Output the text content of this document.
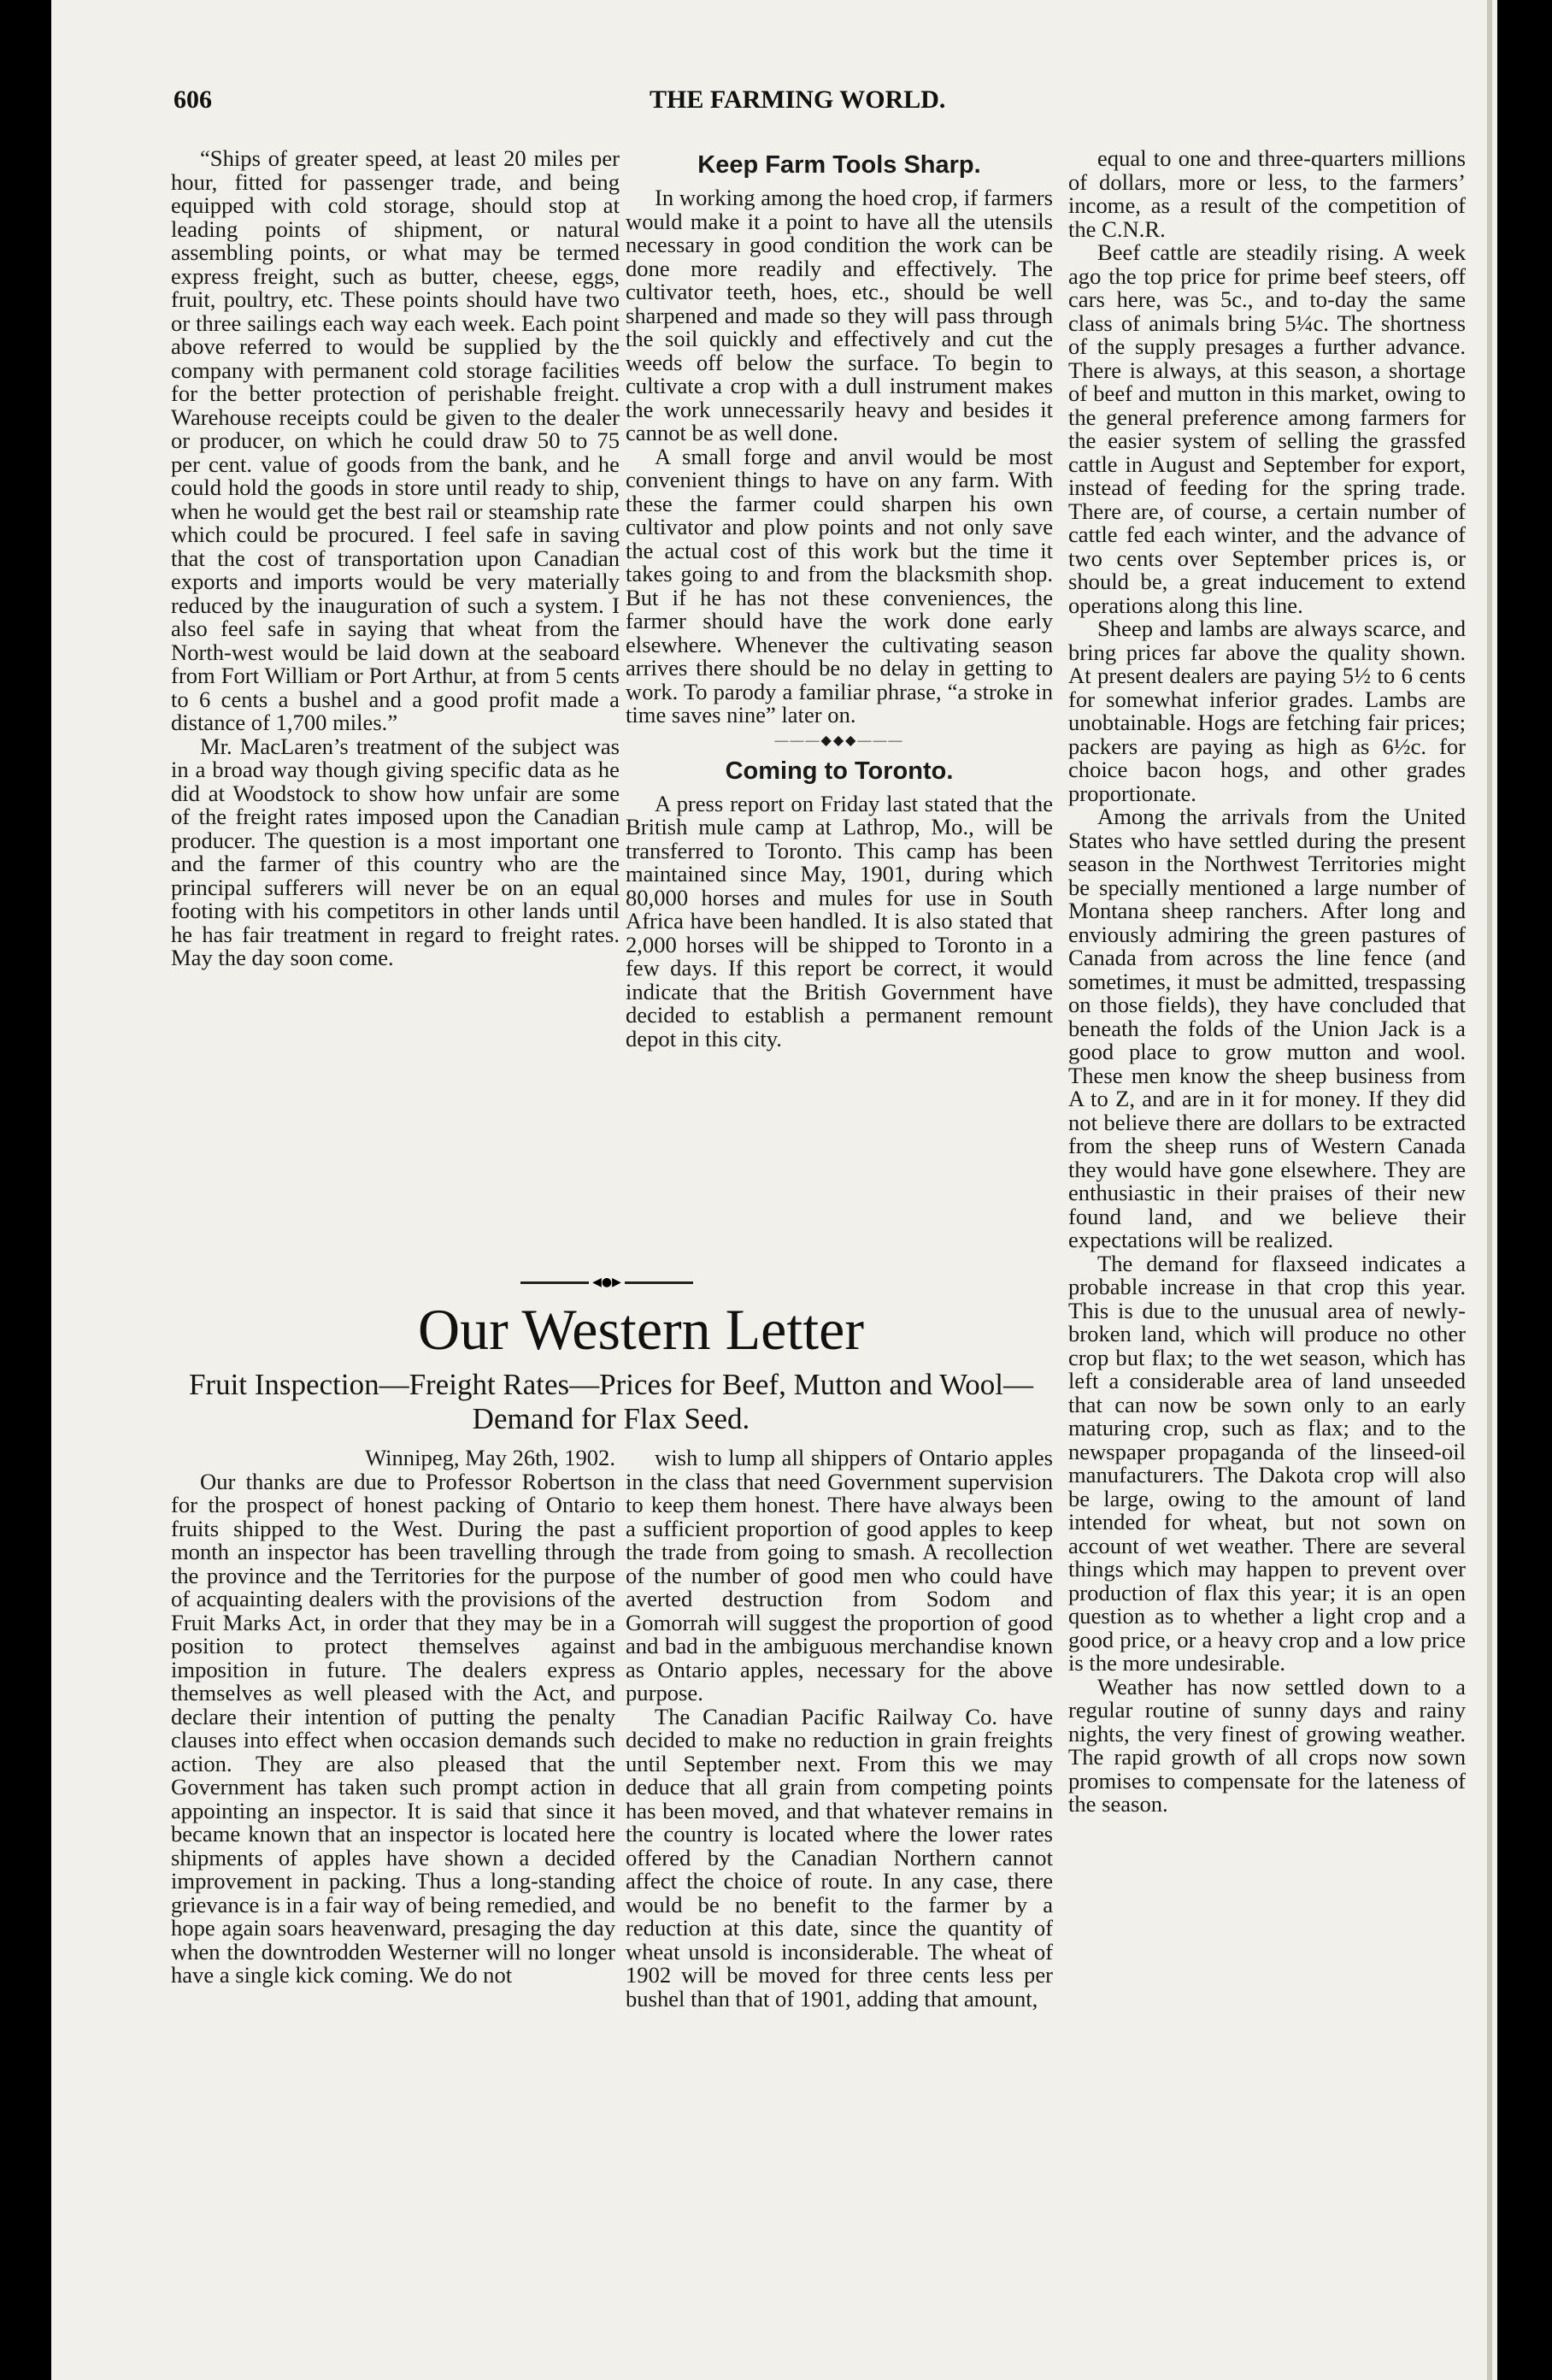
606	THE FARMING WORLD.

“Ships of greater speed, at least 20 miles per hour, fitted for passenger trade, and being equipped with cold storage, should stop at leading points of shipment, or natural assembling points, or what may be termed express freight, such as butter, cheese, eggs, fruit, poultry, etc. These points should have two or three sailings each way each week. Each point above referred to would be supplied by the company with permanent cold storage facilities for the better protection of perishable freight. Warehouse receipts could be given to the dealer or producer, on which he could draw 50 to 75 per cent. value of goods from the bank, and he could hold the goods in store until ready to ship, when he would get the best rail or steamship rate which could be procured. I feel safe in saving that the cost of transportation upon Canadian exports and imports would be very materially reduced by the inauguration of such a system. I also feel safe in saying that wheat from the North-west would be laid down at the seaboard from Fort William or Port Arthur, at from 5 cents to 6 cents a bushel and a good profit made a distance of 1,700 miles.”

Mr. MacLaren’s treatment of the subject was in a broad way though giving specific data as he did at Woodstock to show how unfair are some of the freight rates imposed upon the Canadian producer. The question is a most important one and the farmer of this country who are the principal sufferers will never be on an equal footing with his competitors in other lands until he has fair treatment in regard to freight rates. May the day soon come.

Keep Farm Tools Sharp.

In working among the hoed crop, if farmers would make it a point to have all the utensils necessary in good condition the work can be done more readily and effectively. The cultivator teeth, hoes, etc., should be well sharpened and made so they will pass through the soil quickly and effectively and cut the weeds off below the surface. To begin to cultivate a crop with a dull instrument makes the work unnecessarily heavy and besides it cannot be as well done.

A small forge and anvil would be most convenient things to have on any farm. With these the farmer could sharpen his own cultivator and plow points and not only save the actual cost of this work but the time it takes going to and from the blacksmith shop. But if he has not these conveniences, the farmer should have the work done early elsewhere. Whenever the cultivating season arrives there should be no delay in getting to work. To parody a familiar phrase, “a stroke in time saves nine” later on.

———◆◆◆———
Coming to Toronto.

A press report on Friday last stated that the British mule camp at Lathrop, Mo., will be transferred to Toronto. This camp has been maintained since May, 1901, during which 80,000 horses and mules for use in South Africa have been handled. It is also stated that 2,000 horses will be shipped to Toronto in a few days. If this report be correct, it would indicate that the British Government have decided to establish a permanent remount depot in this city.

◀●▶
Our Western Letter
Fruit Inspection—Freight Rates—Prices for Beef, Mutton and Wool—Demand for Flax Seed.
Winnipeg, May 26th, 1902.

Our thanks are due to Professor Robertson for the prospect of honest packing of Ontario fruits shipped to the West. During the past month an inspector has been travelling through the province and the Territories for the purpose of acquainting dealers with the provisions of the Fruit Marks Act, in order that they may be in a position to protect themselves against imposition in future. The dealers express themselves as well pleased with the Act, and declare their intention of putting the penalty clauses into effect when occasion demands such action. They are also pleased that the Government has taken such prompt action in appointing an inspector. It is said that since it became known that an inspector is located here shipments of apples have shown a decided improvement in packing. Thus a long-standing grievance is in a fair way of being remedied, and hope again soars heavenward, presaging the day when the downtrodden Westerner will no longer have a single kick coming. We do not

wish to lump all shippers of Ontario apples in the class that need Government supervision to keep them honest. There have always been a sufficient proportion of good apples to keep the trade from going to smash. A recollection of the number of good men who could have averted destruction from Sodom and Gomorrah will suggest the proportion of good and bad in the ambiguous merchandise known as Ontario apples, necessary for the above purpose.

The Canadian Pacific Railway Co. have decided to make no reduction in grain freights until September next. From this we may deduce that all grain from competing points has been moved, and that whatever remains in the country is located where the lower rates offered by the Canadian Northern cannot affect the choice of route. In any case, there would be no benefit to the farmer by a reduction at this date, since the quantity of wheat unsold is inconsiderable. The wheat of 1902 will be moved for three cents less per bushel than that of 1901, adding that amount,

equal to one and three-quarters millions of dollars, more or less, to the farmers’ income, as a result of the competition of the C.N.R.

Beef cattle are steadily rising. A week ago the top price for prime beef steers, off cars here, was 5c., and to-day the same class of animals bring 5¼c. The shortness of the supply presages a further advance. There is always, at this season, a shortage of beef and mutton in this market, owing to the general preference among farmers for the easier system of selling the grassfed cattle in August and September for export, instead of feeding for the spring trade. There are, of course, a certain number of cattle fed each winter, and the advance of two cents over September prices is, or should be, a great inducement to extend operations along this line.

Sheep and lambs are always scarce, and bring prices far above the quality shown. At present dealers are paying 5½ to 6 cents for somewhat inferior grades. Lambs are unobtainable. Hogs are fetching fair prices; packers are paying as high as 6½c. for choice bacon hogs, and other grades proportionate.

Among the arrivals from the United States who have settled during the present season in the Northwest Territories might be specially mentioned a large number of Montana sheep ranchers. After long and enviously admiring the green pastures of Canada from across the line fence (and sometimes, it must be admitted, trespassing on those fields), they have concluded that beneath the folds of the Union Jack is a good place to grow mutton and wool. These men know the sheep business from A to Z, and are in it for money. If they did not believe there are dollars to be extracted from the sheep runs of Western Canada they would have gone elsewhere. They are enthusiastic in their praises of their new found land, and we believe their expectations will be realized.

The demand for flaxseed indicates a probable increase in that crop this year. This is due to the unusual area of newly-broken land, which will produce no other crop but flax; to the wet season, which has left a considerable area of land unseeded that can now be sown only to an early maturing crop, such as flax; and to the newspaper propaganda of the linseed-oil manufacturers. The Dakota crop will also be large, owing to the amount of land intended for wheat, but not sown on account of wet weather. There are several things which may happen to prevent over production of flax this year; it is an open question as to whether a light crop and a good price, or a heavy crop and a low price is the more undesirable.

Weather has now settled down to a regular routine of sunny days and rainy nights, the very finest of growing weather. The rapid growth of all crops now sown promises to compensate for the lateness of the season.
